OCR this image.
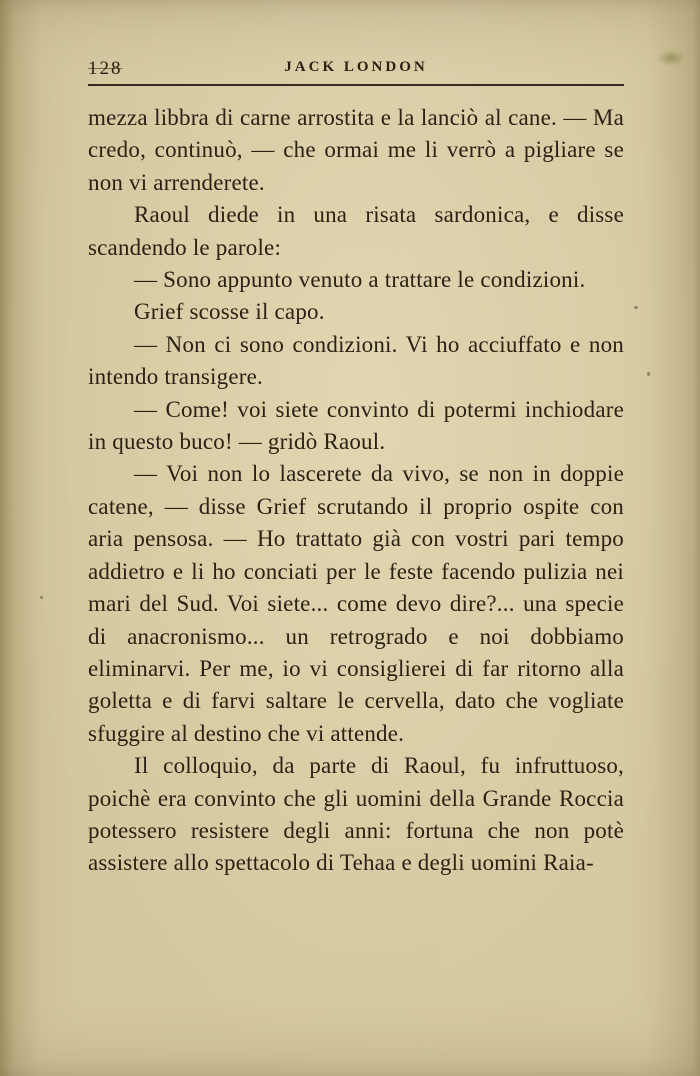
128	JACK LONDON

mezza libbra di carne arrostita e la lanciò al cane. — Ma credo, continuò, — che ormai me li verrò a pigliare se non vi arrenderete.

Raoul diede in una risata sardonica, e disse scandendo le parole:

— Sono appunto venuto a trattare le condizioni.

Grief scosse il capo.

— Non ci sono condizioni. Vi ho acciuffato e non intendo transigere.

— Come! voi siete convinto di potermi inchiodare in questo buco! — gridò Raoul.

— Voi non lo lascerete da vivo, se non in doppie catene, — disse Grief scrutando il proprio ospite con aria pensosa. — Ho trattato già con vostri pari tempo addietro e li ho conciati per le feste facendo pulizia nei mari del Sud. Voi siete... come devo dire?... una specie di anacronismo... un retrogrado e noi dobbiamo eliminarvi. Per me, io vi consiglierei di far ritorno alla goletta e di farvi saltare le cervella, dato che vogliate sfuggire al destino che vi attende.

Il colloquio, da parte di Raoul, fu infruttuoso, poichè era convinto che gli uomini della Grande Roccia potessero resistere degli anni: fortuna che non potè assistere allo spettacolo di Tehaa e degli uomini Raia-
